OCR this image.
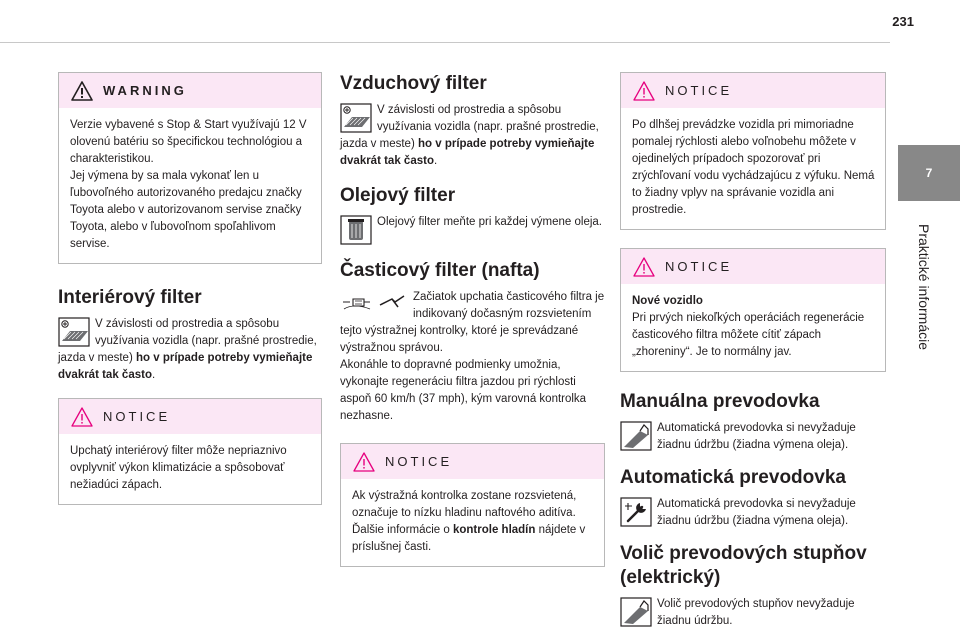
231
7
Praktické informácie
WARNING

Verzie vybavené s Stop & Start využívajú 12 V olovenú batériu so špecifickou technológiou a charakteristikou.
Jej výmena by sa mala vykonať len u ľubovoľného autorizovaného predajcu značky Toyota alebo v autorizovanom servise značky Toyota, alebo v ľubovoľnom spoľahlivom servise.

Interiérový filter
V závislosti od prostredia a spôsobu využívania vozidla (napr. prašné prostredie, jazda v meste) ho v prípade potreby vymieňajte dvakrát tak často.
NOTICE

Upchatý interiérový filter môže nepriaznivo ovplyvniť výkon klimatizácie a spôsobovať nežiadúci zápach.

Vzduchový filter
V závislosti od prostredia a spôsobu využívania vozidla (napr. prašné prostredie, jazda v meste) ho v prípade potreby vymieňajte dvakrát tak často.
Olejový filter
Olejový filter meňte pri každej výmene oleja.
Časticový filter (nafta)
Začiatok upchatia časticového filtra je indikovaný dočasným rozsvietením tejto výstražnej kontrolky, ktoré je sprevádzané výstražnou správou.
Akonáhle to dopravné podmienky umožnia, vykonajte regeneráciu filtra jazdou pri rýchlosti aspoň 60 km/h (37 mph), kým varovná kontrolka nezhasne.
NOTICE

Ak výstražná kontrolka zostane rozsvietená, označuje to nízku hladinu naftového aditíva.

Ďalšie informácie o kontrole hladín nájdete v príslušnej časti.

NOTICE

Po dlhšej prevádzke vozidla pri mimoriadne pomalej rýchlosti alebo voľnobehu môžete v ojedinelých prípadoch spozorovať pri zrýchľovaní vodu vychádzajúcu z výfuku. Nemá to žiadny vplyv na správanie vozidla ani prostredie.

NOTICE

Nové vozidlo

Pri prvých niekoľkých operáciách regenerácie časticového filtra môžete cítiť zápach „zhoreniny“. Je to normálny jav.

Manuálna prevodovka
Automatická prevodovka si nevyžaduje žiadnu údržbu (žiadna výmena oleja).
Automatická prevodovka
Automatická prevodovka si nevyžaduje žiadnu údržbu (žiadna výmena oleja).
Volič prevodových stupňov (elektrický)
Volič prevodových stupňov nevyžaduje žiadnu údržbu.
